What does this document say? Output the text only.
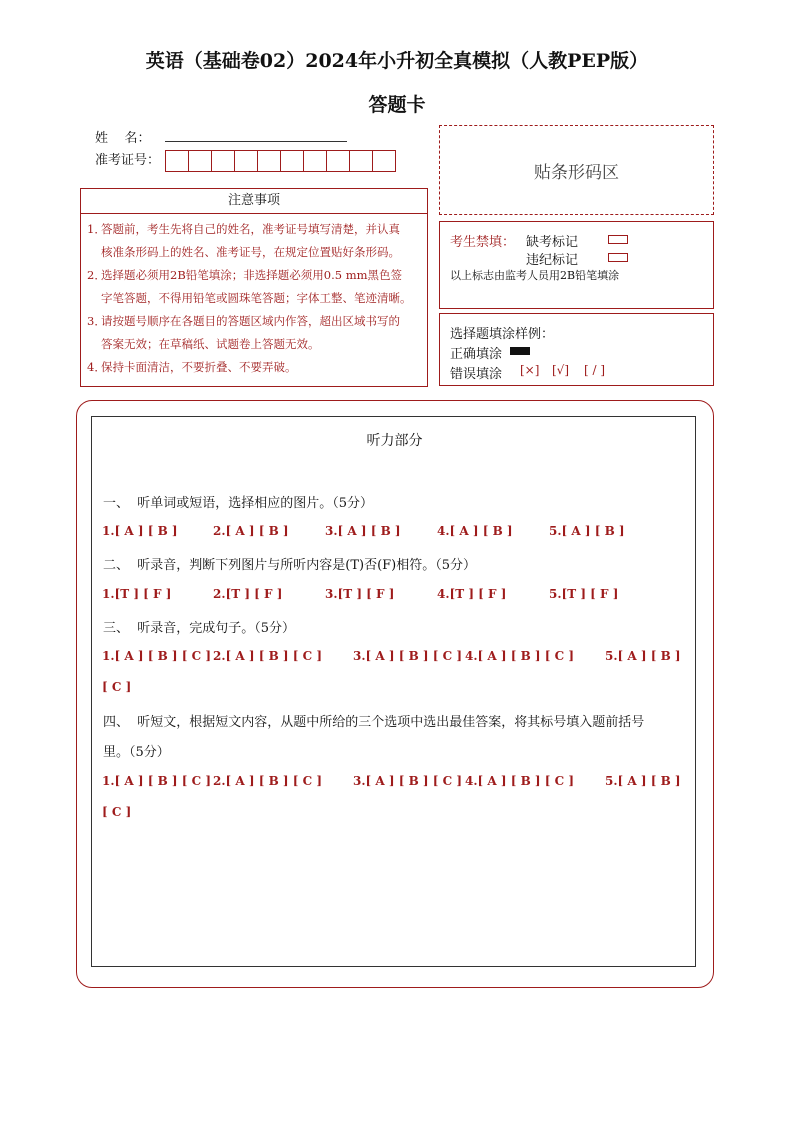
英语（基础卷02）2024年小升初全真模拟（人教PEP版）
答题卡
姓    名：
准考证号：
贴条形码区
注意事项
1．
答题前，考生先将自己的姓名，准考证号填写清楚，并认真
核准条形码上的姓名、准考证号，在规定位置贴好条形码。
2．
选择题必须用2B铅笔填涂；非选择题必须用0.5 mm黑色签
字笔答题，不得用铅笔或圆珠笔答题；字体工整、笔迹清晰。
3．
请按题号顺序在各题目的答题区域内作答，超出区域书写的
答案无效；在草稿纸、试题卷上答题无效。
4．
保持卡面清洁，不要折叠、不要弄破。
考生禁填： 缺考标记
违纪标记
以上标志由监考人员用2B铅笔填涂
选择题填涂样例：
正确填涂
错误填涂 [×] [√] [ / ]
听力部分
一、  听单词或短语，选择相应的图片。（5分）
1.[ A ] [ B ]	2.[ A ] [ B ]	3.[ A ] [ B ]	4.[ A ] [ B ]	5.[ A ] [ B ]
二、  听录音，判断下列图片与所听内容是(T)否(F)相符。（5分）
1.[T ] [ F ]	2.[T ] [ F ]	3.[T ] [ F ]	4.[T ] [ F ]	5.[T ] [ F ]
三、  听录音，完成句子。（5分）
1.[ A ] [ B ] [ C ] 2.[ A ] [ B ] [ C ]	3.[ A ] [ B ] [ C ] 4.[ A ] [ B ] [ C ]	5.[ A ] [ B ]
[ C ]
四、  听短文，根据短文内容，从题中所给的三个选项中选出最佳答案，将其标号填入题前括号
里。（5分）
1.[ A ] [ B ] [ C ] 2.[ A ] [ B ] [ C ]	3.[ A ] [ B ] [ C ] 4.[ A ] [ B ] [ C ]	5.[ A ] [ B ]
[ C ]
